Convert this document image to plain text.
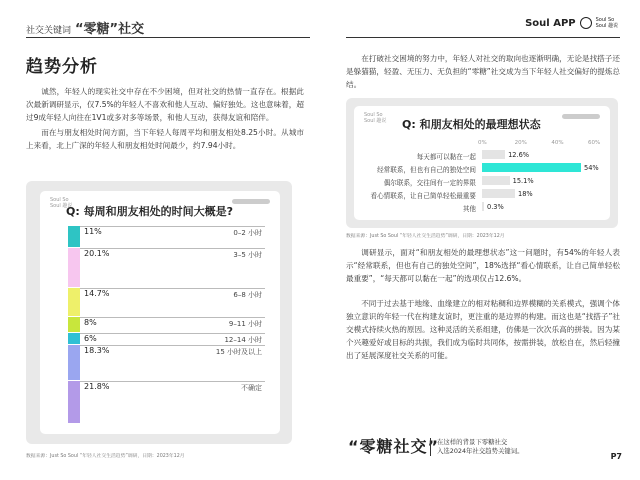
社交关键词 “零糖”社交	Soul APP	Soul So
Soul 趣说
趋势分析

诚然，年轻人的现实社交中存在不少困境，但对社交的热情一直存在。根据此次最新调研显示，仅7.5%的年轻人不喜欢和他人互动、偏好独处。这也意味着，超过9成年轻人向往在1V1或多对多等场景，和他人互动，获得友谊和陪伴。

而在与朋友相处时间方面，当下年轻人每周平均和朋友相处8.25小时。从城市上来看，北上广深的年轻人和朋友相处时间最少，约7.94小时。

Soul So
Soul 趣说
Q: 每周和朋友相处的时间大概是?
11%	0–2 小时
20.1%	3–5 小时
14.7%	6–8 小时
8%	9–11 小时
6%	12–14 小时
18.3%	15 小时及以上
21.8%	不确定
数据来源：Just So Soul “年轻人社交生活趋势”调研，日期：2023年12月

在打破社交困境的努力中，年轻人对社交的取向也逐渐明确，无论是找搭子还是躲猫猫，轻盈、无压力、无负担的“零糖”社交成为当下年轻人社交偏好的提炼总结。

Soul So
Soul 趣说 Q: 和朋友相处的最理想状态
0%	20%	40%	60%
每天都可以黏在一起	12.6%
经常联系，但也有自己的独处空间	54%
偶尔联系，交往间有一定的界限	15.1%
看心情联系，让自己简单轻松最重要	18%
其他 0.3%
数据来源：Just So Soul “年轻人社交生活趋势”调研，日期：2023年12月

调研显示，面对“和朋友相处的最理想状态”这一问题时，有54%的年轻人表示“经常联系，但也有自己的独处空间”，18%选择“看心情联系，让自己简单轻松最重要”，“每天都可以黏在一起”的选项仅占12.6%。

不同于过去基于地缘、血缘建立的相对粘稠和边界模糊的关系模式，强调个体独立意识的年轻一代在构建友谊时，更注重的是边界的构建。而这也是“找搭子”社交模式持续火热的原因。这种灵活的关系组建，仿佛是一次次乐高的拼装。因为某个兴趣爱好或目标的共振，我们成为临时共同体，按需拼装，放松自在，然后轻撞出了延展深度社交关系的可能。

“零糖社交”
在这样的背景下零糖社交
入选2024年社交趋势关键词。
P7
